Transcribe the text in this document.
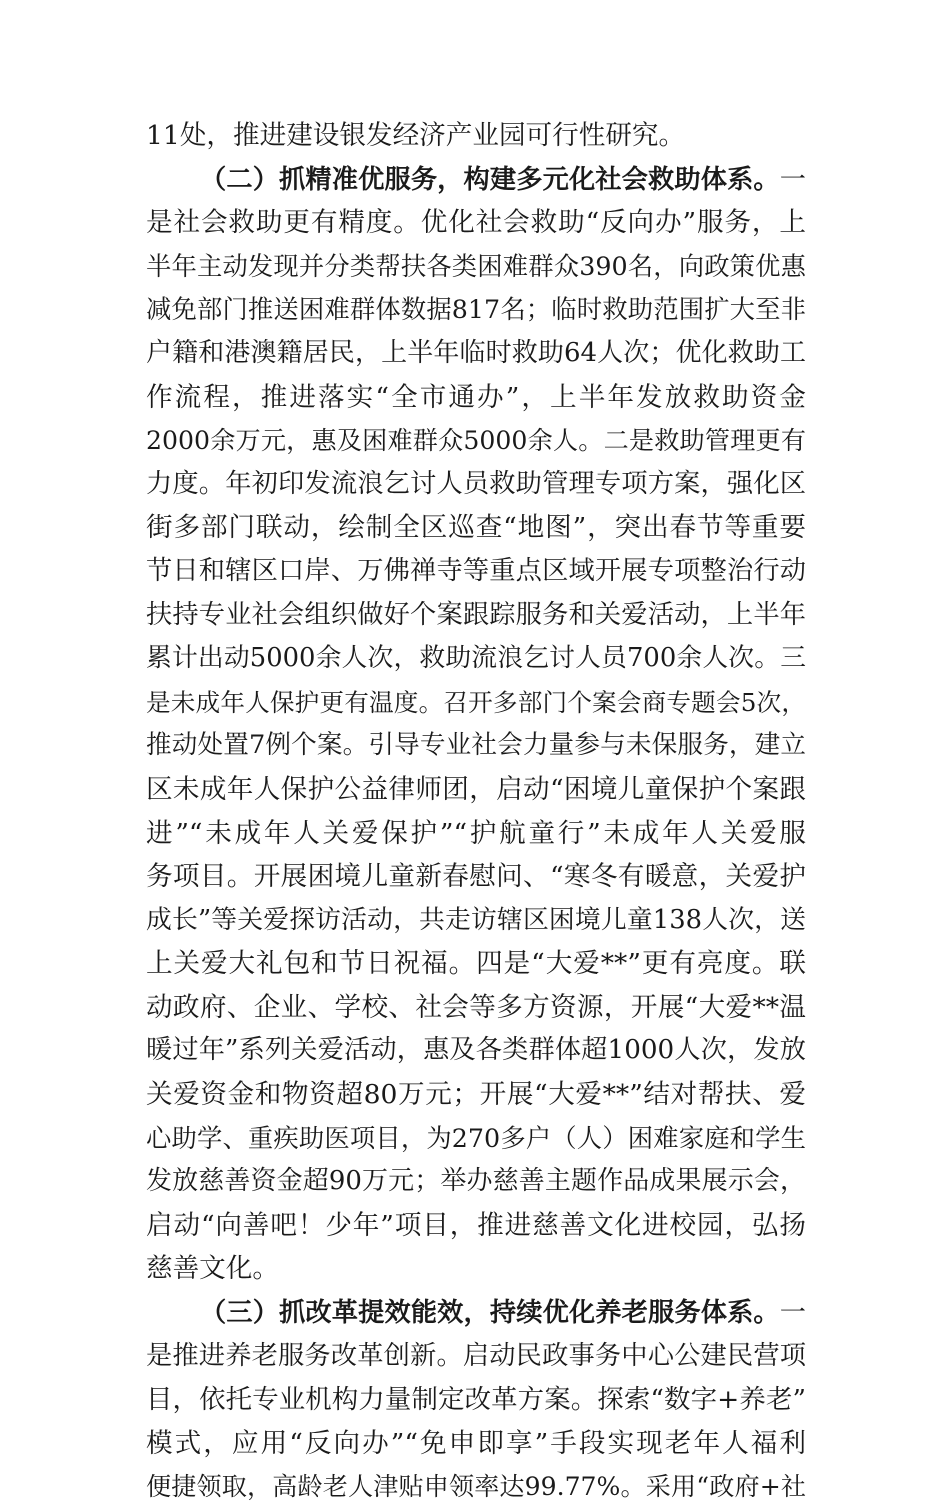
11处，推进建设银发经济产业园可行性研究。
（二）抓精准优服务，构建多元化社会救助体系。一
是社会救助更有精度。优化社会救助“反向办”服务，上
半年主动发现并分类帮扶各类困难群众390名，向政策优惠
减免部门推送困难群体数据817名；临时救助范围扩大至非
户籍和港澳籍居民，上半年临时救助64人次；优化救助工
作流程，推进落实“全市通办”，上半年发放救助资金
2000余万元，惠及困难群众5000余人。二是救助管理更有
力度。年初印发流浪乞讨人员救助管理专项方案，强化区
街多部门联动，绘制全区巡查“地图”，突出春节等重要
节日和辖区口岸、万佛禅寺等重点区域开展专项整治行动
扶持专业社会组织做好个案跟踪服务和关爱活动，上半年
累计出动5000余人次，救助流浪乞讨人员700余人次。三
是未成年人保护更有温度。召开多部门个案会商专题会5次，
推动处置7例个案。引导专业社会力量参与未保服务，建立
区未成年人保护公益律师团，启动“困境儿童保护个案跟
进”“未成年人关爱保护”“护航童行”未成年人关爱服
务项目。开展困境儿童新春慰问、“寒冬有暖意，关爱护
成长”等关爱探访活动，共走访辖区困境儿童138人次，送
上关爱大礼包和节日祝福。四是“大爱**”更有亮度。联
动政府、企业、学校、社会等多方资源，开展“大爱**温
暖过年”系列关爱活动，惠及各类群体超1000人次，发放
关爱资金和物资超80万元；开展“大爱**”结对帮扶、爱
心助学、重疾助医项目，为270多户（人）困难家庭和学生
发放慈善资金超90万元；举办慈善主题作品成果展示会，
启动“向善吧！少年”项目，推进慈善文化进校园，弘扬
慈善文化。
（三）抓改革提效能效，持续优化养老服务体系。一
是推进养老服务改革创新。启动民政事务中心公建民营项
目，依托专业机构力量制定改革方案。探索“数字+养老”
模式，应用“反向办”“免申即享”手段实现老年人福利
便捷领取，高龄老人津贴申领率达99.77%。采用“政府+社
